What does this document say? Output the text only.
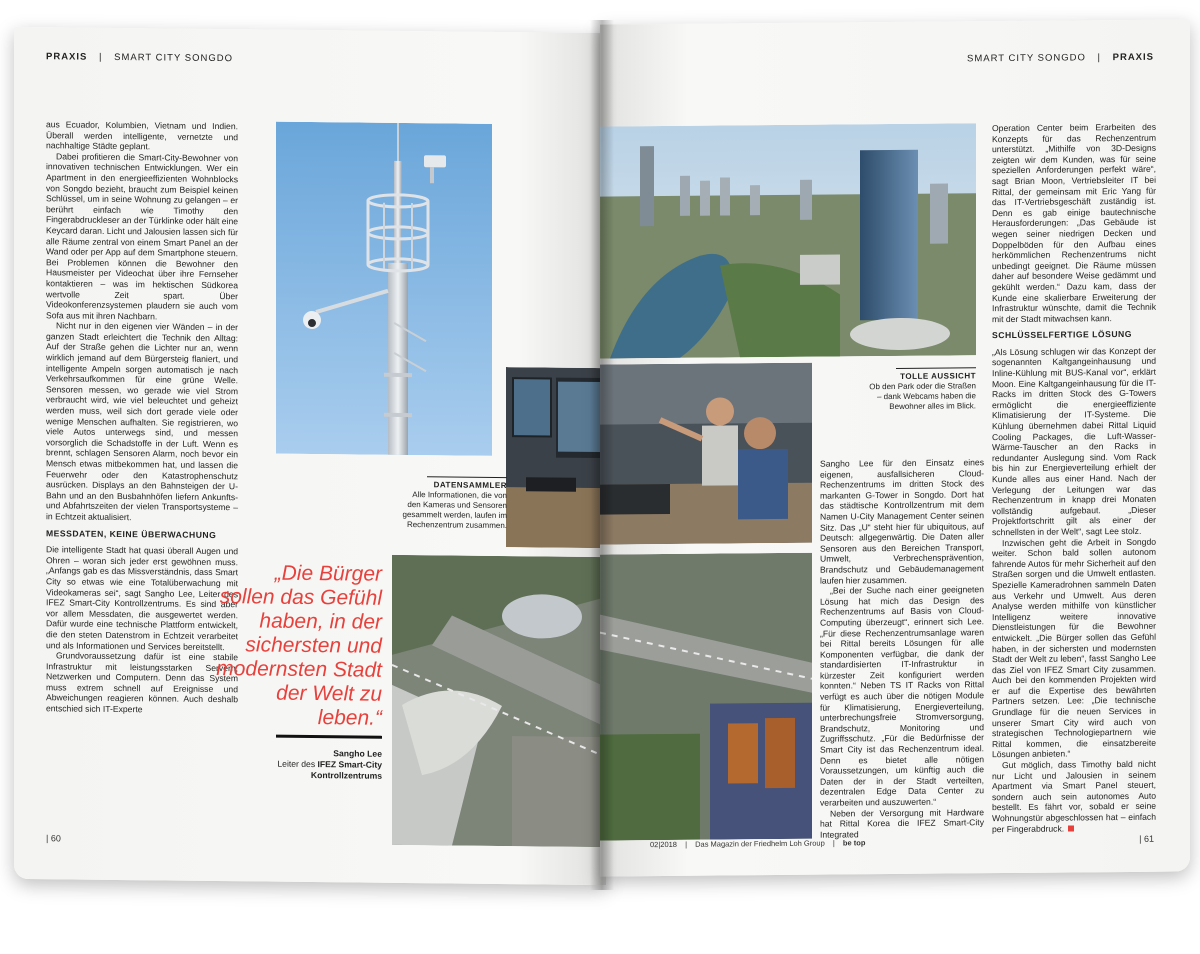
PRAXIS | SMART CITY SONGDO

aus Ecuador, Kolumbien, Vietnam und Indien. Überall werden intelligente, vernetzte und nachhaltige Städte geplant.

Dabei profitieren die Smart-City-Bewohner von innovativen technischen Entwicklungen. Wer ein Apartment in den energieeffizienten Wohnblocks von Songdo bezieht, braucht zum Beispiel keinen Schlüssel, um in seine Wohnung zu gelangen – er berührt einfach wie Timothy den Fingerabdruckleser an der Türklinke oder hält eine Keycard daran. Licht und Jalousien lassen sich für alle Räume zentral von einem Smart Panel an der Wand oder per App auf dem Smartphone steuern. Bei Problemen können die Bewohner den Hausmeister per Videochat über ihre Fernseher kontaktieren – was im hektischen Südkorea wertvolle Zeit spart. Über Videokonferenzsystemen plaudern sie auch vom Sofa aus mit ihren Nachbarn.

Nicht nur in den eigenen vier Wänden – in der ganzen Stadt erleichtert die Technik den Alltag: Auf der Straße gehen die Lichter nur an, wenn wirklich jemand auf dem Bürgersteig flaniert, und intelligente Ampeln sorgen automatisch je nach Verkehrsaufkommen für eine grüne Welle. Sensoren messen, wo gerade wie viel Strom verbraucht wird, wie viel beleuchtet und geheizt werden muss, weil sich dort gerade viele oder wenige Menschen aufhalten. Sie registrieren, wo viele Autos unterwegs sind, und messen vorsorglich die Schadstoffe in der Luft. Wenn es brennt, schlagen Sensoren Alarm, noch bevor ein Mensch etwas mitbekommen hat, und lassen die Feuerwehr oder den Katastrophenschutz ausrücken. Displays an den Bahnsteigen der U-Bahn und an den Busbahnhöfen liefern Ankunfts- und Abfahrtszeiten der vielen Transportsysteme – in Echtzeit aktualisiert.

MESSDATEN, KEINE ÜBERWACHUNG

Die intelligente Stadt hat quasi überall Augen und Ohren – woran sich jeder erst gewöhnen muss. „Anfangs gab es das Missverständnis, dass Smart City so etwas wie eine Totalüberwachung mit Videokameras sei“, sagt Sangho Lee, Leiter des IFEZ Smart-City Kontrollzentrums. Es sind aber vor allem Messdaten, die ausgewertet werden. Dafür wurde eine technische Plattform entwickelt, die den steten Datenstrom in Echtzeit verarbeitet und als Informationen und Services bereitstellt.

Grundvoraussetzung dafür ist eine stabile Infrastruktur mit leistungsstarken Servern, Netzwerken und Computern. Denn das System muss extrem schnell auf Ereignisse und Abweichungen reagieren können. Auch deshalb entschied sich IT-Experte

DATENSAMMLER
Alle Informationen, die von den Kameras und Sensoren gesammelt werden, laufen im Rechenzentrum zusammen.
„Die Bürger sollen das Gefühl haben, in der sichersten und modernsten Stadt der Welt zu leben.“
Sangho Lee
Leiter des IFEZ Smart-City
Kontrollzentrums
| 60
SMART CITY SONGDO | PRAXIS
TOLLE AUSSICHT
Ob den Park oder die Straßen – dank Webcams haben die Bewohner alles im Blick.

Sangho Lee für den Einsatz eines eigenen, ausfallsicheren Cloud-Rechenzentrums im dritten Stock des markanten G-Tower in Songdo. Dort hat das städtische Kontrollzentrum mit dem Namen U-City Management Center seinen Sitz. Das „U“ steht hier für ubiquitous, auf Deutsch: allgegenwärtig. Die Daten aller Sensoren aus den Bereichen Transport, Umwelt, Verbrechensprävention, Brandschutz und Gebäudemanagement laufen hier zusammen.

„Bei der Suche nach einer geeigneten Lösung hat mich das Design des Rechenzentrums auf Basis von Cloud-Computing überzeugt“, erinnert sich Lee. „Für diese Rechenzentrumsanlage waren bei Rittal bereits Lösungen für alle Komponenten verfügbar, die dank der standardisierten IT-Infrastruktur in kürzester Zeit konfiguriert werden konnten.“ Neben TS IT Racks von Rittal verfügt es auch über die nötigen Module für Klimatisierung, Energieverteilung, unterbrechungsfreie Stromversorgung, Brandschutz, Monitoring und Zugriffsschutz. „Für die Bedürfnisse der Smart City ist das Rechenzentrum ideal. Denn es bietet alle nötigen Voraussetzungen, um künftig auch die Daten der in der Stadt verteilten, dezentralen Edge Data Center zu verarbeiten und auszuwerten.“

Neben der Versorgung mit Hardware hat Rittal Korea die IFEZ Smart-City Integrated

Operation Center beim Erarbeiten des Konzepts für das Rechenzentrum unterstützt. „Mithilfe von 3D-Designs zeigten wir dem Kunden, was für seine speziellen Anforderungen perfekt wäre“, sagt Brian Moon, Vertriebsleiter IT bei Rittal, der gemeinsam mit Eric Yang für das IT-Vertriebsgeschäft zuständig ist. Denn es gab einige bautechnische Herausforderungen: „Das Gebäude ist wegen seiner niedrigen Decken und Doppelböden für den Aufbau eines herkömmlichen Rechenzentrums nicht unbedingt geeignet. Die Räume müssen daher auf besondere Weise gedämmt und gekühlt werden.“ Dazu kam, dass der Kunde eine skalierbare Erweiterung der Infrastruktur wünschte, damit die Technik mit der Stadt mitwachsen kann.

SCHLÜSSELFERTIGE LÖSUNG

„Als Lösung schlugen wir das Konzept der sogenannten Kaltgangeinhausung und Inline-Kühlung mit BUS-Kanal vor“, erklärt Moon. Eine Kaltgangeinhausung für die IT-Racks im dritten Stock des G-Towers ermöglicht die energieeffiziente Klimatisierung der IT-Systeme. Die Kühlung übernehmen dabei Rittal Liquid Cooling Packages, die Luft-Wasser-Wärme-Tauscher an den Racks in redundanter Auslegung sind. Vom Rack bis hin zur Energieverteilung erhielt der Kunde alles aus einer Hand. Nach der Verlegung der Leitungen war das Rechenzentrum in knapp drei Monaten vollständig aufgebaut. „Dieser Projektfortschritt gilt als einer der schnellsten in der Welt“, sagt Lee stolz.

Inzwischen geht die Arbeit in Songdo weiter. Schon bald sollen autonom fahrende Autos für mehr Sicherheit auf den Straßen sorgen und die Umwelt entlasten. Spezielle Kameradrohnen sammeln Daten aus Verkehr und Umwelt. Aus deren Analyse werden mithilfe von künstlicher Intelligenz weitere innovative Dienstleistungen für die Bewohner entwickelt. „Die Bürger sollen das Gefühl haben, in der sichersten und modernsten Stadt der Welt zu leben“, fasst Sangho Lee das Ziel von IFEZ Smart City zusammen. Auch bei den kommenden Projekten wird er auf die Expertise des bewährten Partners setzen. Lee: „Die technische Grundlage für die neuen Services in unserer Smart City wird auch von strategischen Technologiepartnern wie Rittal kommen, die einsatzbereite Lösungen anbieten.“

Gut möglich, dass Timothy bald nicht nur Licht und Jalousien in seinem Apartment via Smart Panel steuert, sondern auch sein autonomes Auto bestellt. Es fährt vor, sobald er seine Wohnungstür abgeschlossen hat – einfach per Fingerabdruck.

02|2018 | Das Magazin der Friedhelm Loh Group | be top	| 61
